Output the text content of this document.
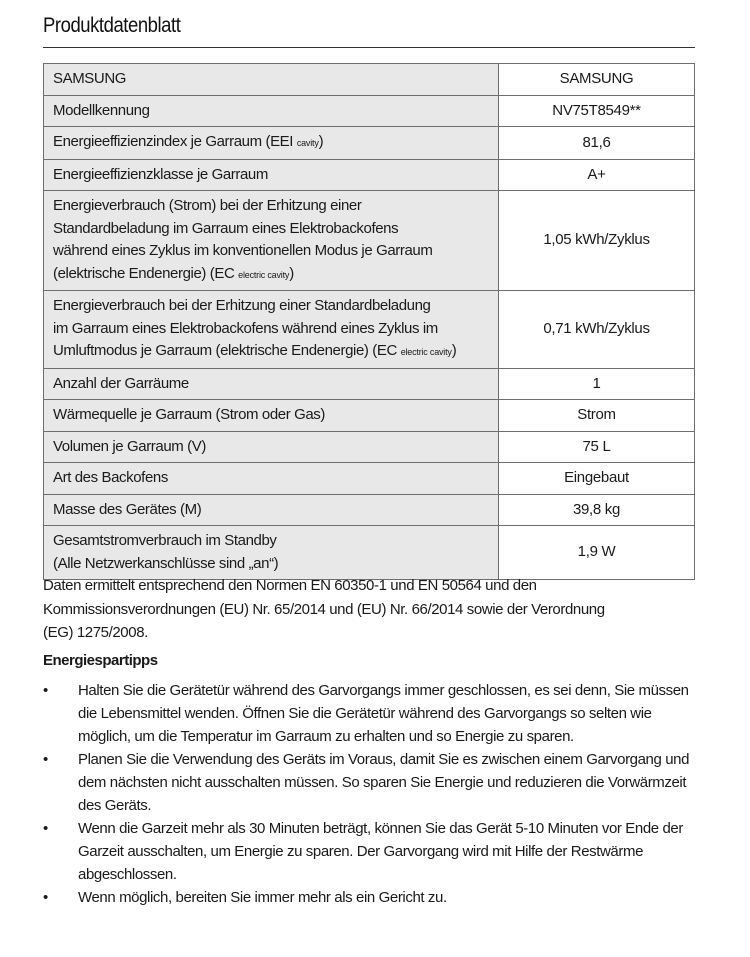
Produktdatenblatt
SAMSUNG	SAMSUNG
Modellkennung	NV75T8549**
Energieeffizienzindex je Garraum (EEI cavity)	81,6
Energieeffizienzklasse je Garraum	A+

Energieverbrauch (Strom) bei der Erhitzung einer
Standardbeladung im Garraum eines Elektrobackofens
während eines Zyklus im konventionellen Modus je Garraum
(elektrische Endenergie) (EC electric cavity)	1,05 kWh/Zyklus

Energieverbrauch bei der Erhitzung einer Standardbeladung
im Garraum eines Elektrobackofens während eines Zyklus im
Umluftmodus je Garraum (elektrische Endenergie) (EC electric cavity)	0,71 kWh/Zyklus
Anzahl der Garräume	1
Wärmequelle je Garraum (Strom oder Gas)	Strom
Volumen je Garraum (V)	75 L
Art des Backofens	Eingebaut
Masse des Gerätes (M)	39,8 kg

Gesamtstromverbrauch im Standby
(Alle Netzwerkanschlüsse sind „an“)	1,9 W
Daten ermittelt entsprechend den Normen EN 60350-1 und EN 50564 und den
Kommissionsverordnungen (EU) Nr. 65/2014 und (EU) Nr. 66/2014 sowie der Verordnung
(EG) 1275/2008.
Energiespartipps
•	Halten Sie die Gerätetür während des Garvorgangs immer geschlossen, es sei denn, Sie müssen die Lebensmittel wenden. Öffnen Sie die Gerätetür während des Garvorgangs so selten wie möglich, um die Temperatur im Garraum zu erhalten und so Energie zu sparen.
•	Planen Sie die Verwendung des Geräts im Voraus, damit Sie es zwischen einem Garvorgang und dem nächsten nicht ausschalten müssen. So sparen Sie Energie und reduzieren die Vorwärmzeit des Geräts.
•	Wenn die Garzeit mehr als 30 Minuten beträgt, können Sie das Gerät 5-10 Minuten vor Ende der Garzeit ausschalten, um Energie zu sparen. Der Garvorgang wird mit Hilfe der Restwärme abgeschlossen.
•	Wenn möglich, bereiten Sie immer mehr als ein Gericht zu.
